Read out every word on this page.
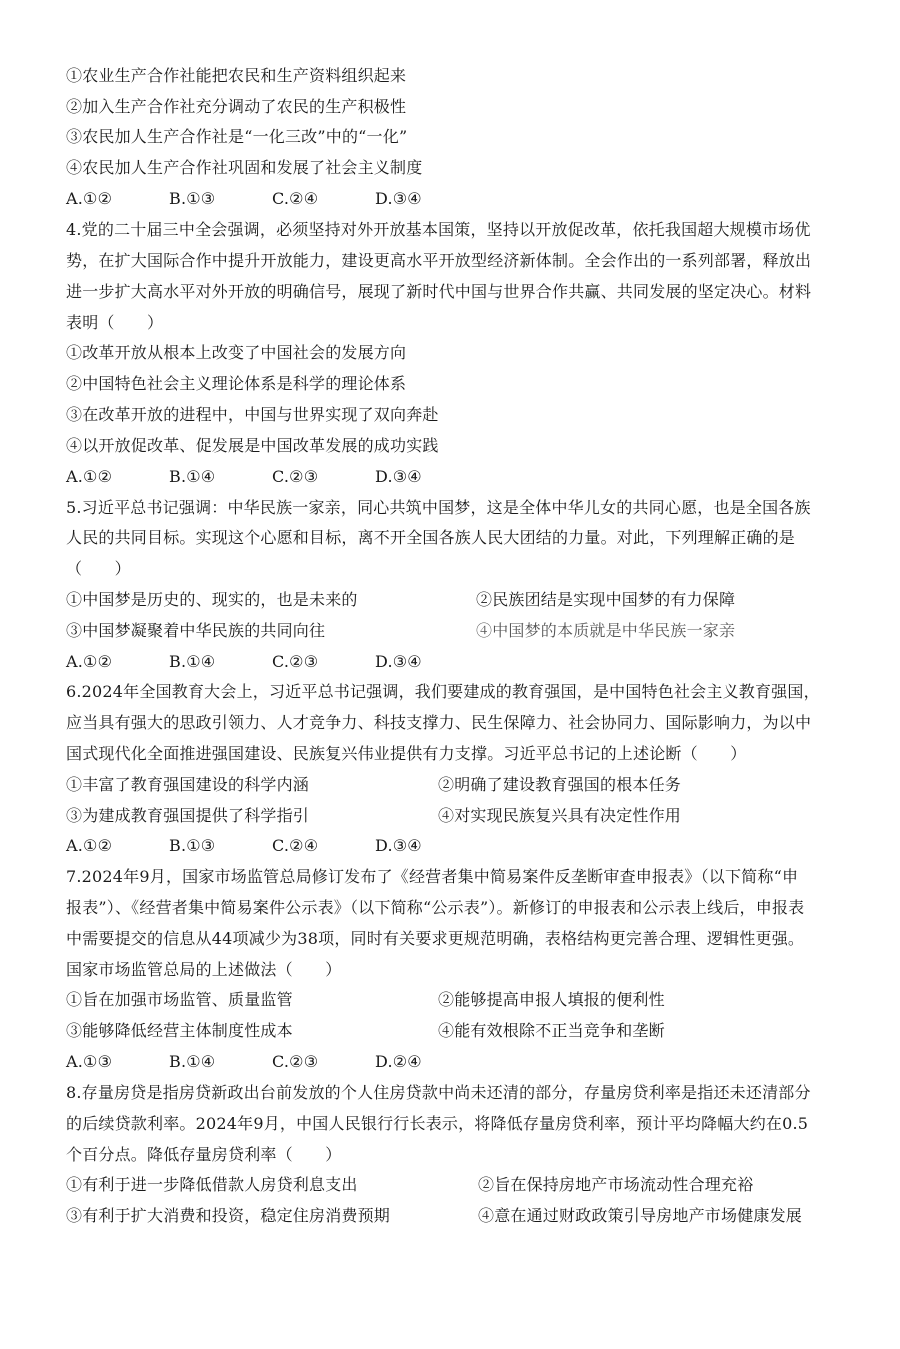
①农业生产合作社能把农民和生产资料组织起来
②加入生产合作社充分调动了农民的生产积极性
③农民加人生产合作社是“一化三改”中的“一化”
④农民加人生产合作社巩固和发展了社会主义制度
A.①②	B.①③	C.②④	D.③④
4.党的二十届三中全会强调，必须坚持对外开放基本国策，坚持以开放促改革，依托我国超大规模市场优
势，在扩大国际合作中提升开放能力，建设更高水平开放型经济新体制。全会作出的一系列部署，释放出
进一步扩大高水平对外开放的明确信号，展现了新时代中国与世界合作共赢、共同发展的坚定决心。材料
表明（　　）
①改革开放从根本上改变了中国社会的发展方向
②中国特色社会主义理论体系是科学的理论体系
③在改革开放的进程中，中国与世界实现了双向奔赴
④以开放促改革、促发展是中国改革发展的成功实践
A.①②	B.①④	C.②③	D.③④
5.习近平总书记强调：中华民族一家亲，同心共筑中国梦，这是全体中华儿女的共同心愿，也是全国各族
人民的共同目标。实现这个心愿和目标，离不开全国各族人民大团结的力量。对此，下列理解正确的是
（　　）
①中国梦是历史的、现实的，也是未来的	②民族团结是实现中国梦的有力保障
③中国梦凝聚着中华民族的共同向往	④中国梦的本质就是中华民族一家亲
A.①②	B.①④	C.②③	D.③④
6.2024年全国教育大会上，习近平总书记强调，我们要建成的教育强国，是中国特色社会主义教育强国，
应当具有强大的思政引领力、人才竞争力、科技支撑力、民生保障力、社会协同力、国际影响力，为以中
国式现代化全面推进强国建设、民族复兴伟业提供有力支撑。习近平总书记的上述论断（　　）
①丰富了教育强国建设的科学内涵	②明确了建设教育强国的根本任务
③为建成教育强国提供了科学指引	④对实现民族复兴具有决定性作用
A.①②	B.①③	C.②④	D.③④
7.2024年9月，国家市场监管总局修订发布了《经营者集中简易案件反垄断审查申报表》（以下简称“申
报表”）、《经营者集中简易案件公示表》（以下简称“公示表”）。新修订的申报表和公示表上线后，申报表
中需要提交的信息从44项减少为38项，同时有关要求更规范明确，表格结构更完善合理、逻辑性更强。
国家市场监管总局的上述做法（　　）
①旨在加强市场监管、质量监管	②能够提高申报人填报的便利性
③能够降低经营主体制度性成本	④能有效根除不正当竞争和垄断
A.①③	B.①④	C.②③	D.②④
8.存量房贷是指房贷新政出台前发放的个人住房贷款中尚未还清的部分，存量房贷利率是指还未还清部分
的后续贷款利率。2024年9月，中国人民银行行长表示，将降低存量房贷利率，预计平均降幅大约在0.5
个百分点。降低存量房贷利率（　　）
①有利于进一步降低借款人房贷利息支出	②旨在保持房地产市场流动性合理充裕
③有利于扩大消费和投资，稳定住房消费预期	④意在通过财政政策引导房地产市场健康发展
